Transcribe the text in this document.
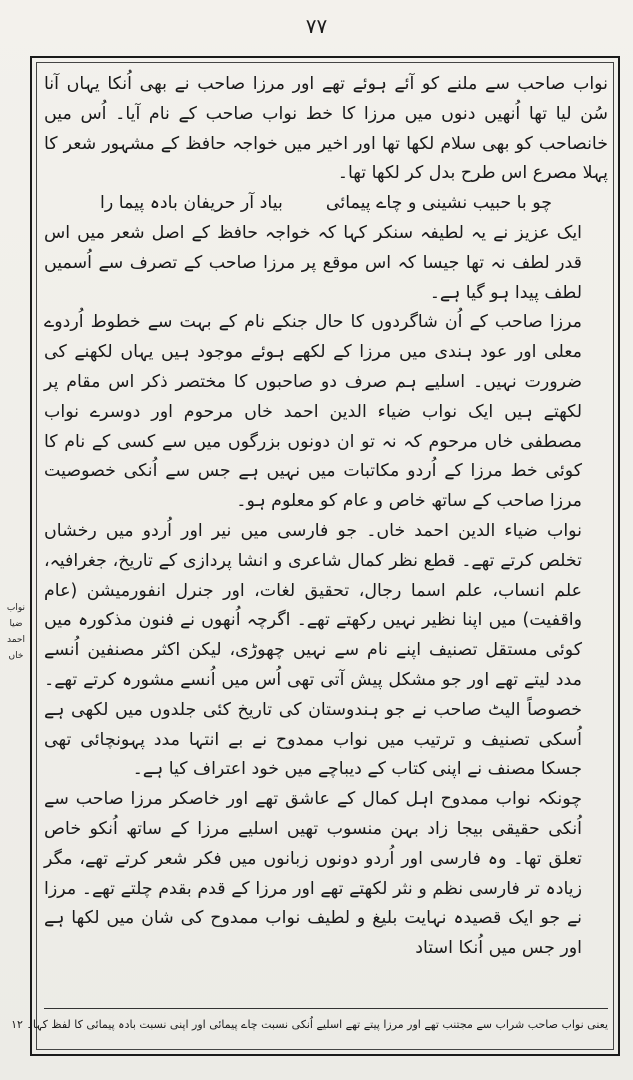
٧٧
نواب ضیا
احمد خاں

نواب صاحب سے ملنے کو آئے ہوئے تھے اور مرزا صاحب نے بھی اُنکا یہاں آنا سُن لیا تھا اُنھیں دنوں میں مرزا کا خط نواب صاحب کے نام آیا۔ اُس میں خانصاحب کو بھی سلام لکھا تھا اور اخیر میں خواجہ حافظ کے مشہور شعر کا پہلا مصرع اس طرح بدل کر لکھا تھا۔

چو با حبیب نشینی و چاے پیمائی
بیاد آر حریفان بادہ پیما را

ایک عزیز نے یہ لطیفہ سنکر کہا کہ خواجہ حافظ کے اصل شعر میں اس قدر لطف نہ تھا جیسا کہ اس موقع پر مرزا صاحب کے تصرف سے اُسمیں لطف پیدا ہو گیا ہے۔

مرزا صاحب کے اُن شاگردوں کا حال جنکے نام کے بہت سے خطوط اُردوے معلی اور عود ہندی میں مرزا کے لکھے ہوئے موجود ہیں یہاں لکھنے کی ضرورت نہیں۔ اسلیے ہم صرف دو صاحبوں کا مختصر ذکر اس مقام پر لکھتے ہیں ایک نواب ضیاء الدین احمد خاں مرحوم اور دوسرے نواب مصطفی خاں مرحوم کہ نہ تو ان دونوں بزرگوں میں سے کسی کے نام کا کوئی خط مرزا کے اُردو مکاتبات میں نہیں ہے جس سے اُنکی خصوصیت مرزا صاحب کے ساتھ خاص و عام کو معلوم ہو۔

نواب ضیاء الدین احمد خاں۔ جو فارسی میں نیر اور اُردو میں رخشاں تخلص کرتے تھے۔ قطع نظر کمال شاعری و انشا پردازی کے تاریخ، جغرافیہ، علم انساب، علم اسما رجال، تحقیق لغات، اور جنرل انفورمیشن (عام واقفیت) میں اپنا نظیر نہیں رکھتے تھے۔ اگرچہ اُنھوں نے فنون مذکورہ میں کوئی مستقل تصنیف اپنے نام سے نہیں چھوڑی، لیکن اکثر مصنفین اُنسے مدد لیتے تھے اور جو مشکل پیش آتی تھی اُس میں اُنسے مشورہ کرتے تھے۔ خصوصاً الیٹ صاحب نے جو ہندوستان کی تاریخ کئی جلدوں میں لکھی ہے اُسکی تصنیف و ترتیب میں نواب ممدوح نے بے انتہا مدد پہونچائی تھی جسکا مصنف نے اپنی کتاب کے دیباچے میں خود اعتراف کیا ہے۔

چونکہ نواب ممدوح اہل کمال کے عاشق تھے اور خاصکر مرزا صاحب سے اُنکی حقیقی بیجا زاد بہن منسوب تھیں اسلیے مرزا کے ساتھ اُنکو خاص تعلق تھا۔ وہ فارسی اور اُردو دونوں زبانوں میں فکر شعر کرتے تھے، مگر زیادہ تر فارسی نظم و نثر لکھتے تھے اور مرزا کے قدم بقدم چلتے تھے۔ مرزا نے جو ایک قصیدہ نہایت بلیغ و لطیف نواب ممدوح کی شان میں لکھا ہے اور جس میں اُنکا استاد

یعنی نواب صاحب شراب سے مجتنب تھے اور مرزا پیتے تھے اسلیے اُنکی نسبت چاے پیمائی اور اپنی نسبت بادہ پیمائی کا لفظ کہا۔ ١٢
